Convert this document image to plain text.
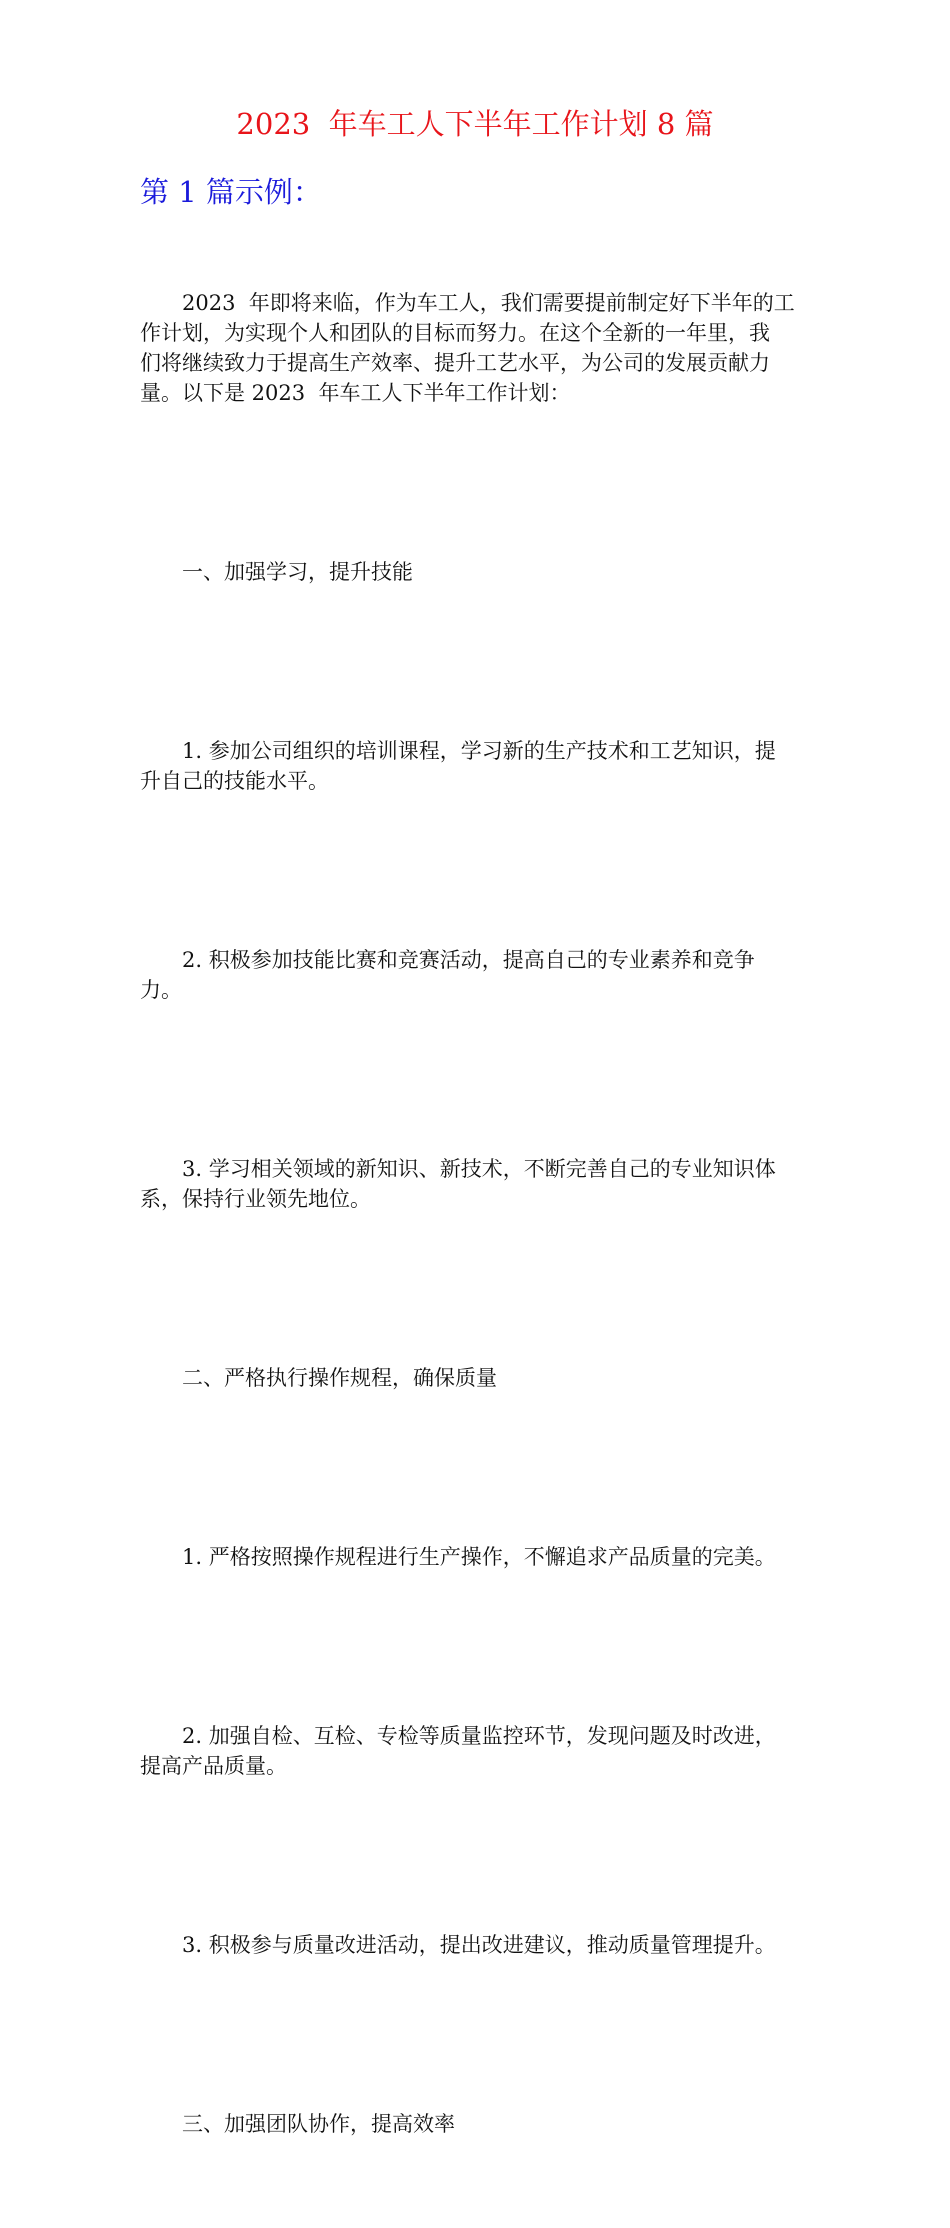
2023  年车工人下半年工作计划 8 篇
第 1 篇示例：

2023  年即将来临，作为车工人，我们需要提前制定好下半年的工
作计划，为实现个人和团队的目标而努力。在这个全新的一年里，我
们将继续致力于提高生产效率、提升工艺水平，为公司的发展贡献力
量。以下是 2023  年车工人下半年工作计划：

一、加强学习，提升技能

1. 参加公司组织的培训课程，学习新的生产技术和工艺知识，提
升自己的技能水平。

2. 积极参加技能比赛和竞赛活动，提高自己的专业素养和竞争
力。

3. 学习相关领域的新知识、新技术，不断完善自己的专业知识体
系，保持行业领先地位。

二、严格执行操作规程，确保质量

1. 严格按照操作规程进行生产操作，不懈追求产品质量的完美。

2. 加强自检、互检、专检等质量监控环节，发现问题及时改进，
提高产品质量。

3. 积极参与质量改进活动，提出改进建议，推动质量管理提升。

三、加强团队协作，提高效率
